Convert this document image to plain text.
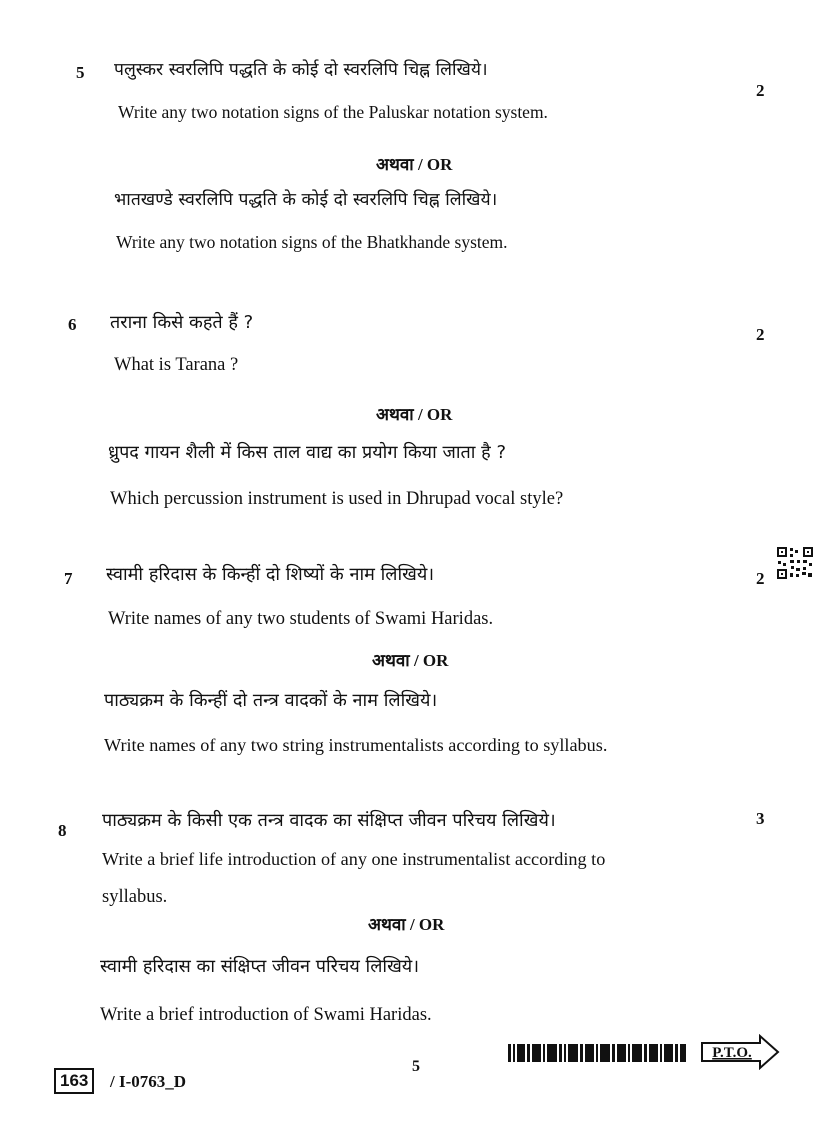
5 पलुस्कर स्वरलिपि पद्धति के कोई दो स्वरलिपि चिह्न लिखिये।
2
Write any two notation signs of the Paluskar notation system.
अथवा / OR
भातखण्डे स्वरलिपि पद्धति के कोई दो स्वरलिपि चिह्न लिखिये।
Write any two notation signs of the Bhatkhande system.
6 तराना किसे कहते हैं ?
2
What is Tarana ?
अथवा / OR
ध्रुपद गायन शैली में किस ताल वाद्य का प्रयोग किया जाता है ?
Which percussion instrument is used in Dhrupad vocal style?
7 स्वामी हरिदास के किन्हीं दो शिष्यों के नाम लिखिये।	2
Write names of any two students of Swami Haridas.
अथवा / OR
पाठ्यक्रम के किन्हीं दो तन्त्र वादकों के नाम लिखिये।
Write names of any two string instrumentalists according to syllabus.
8 पाठ्यक्रम के किसी एक तन्त्र वादक का संक्षिप्त जीवन परिचय लिखिये।	3
Write a brief life introduction of any one instrumentalist according to
syllabus.
अथवा / OR
स्वामी हरिदास का संक्षिप्त जीवन परिचय लिखिये।
Write a brief introduction of Swami Haridas.
163	/ I-0763_D
5
P.T.O.
